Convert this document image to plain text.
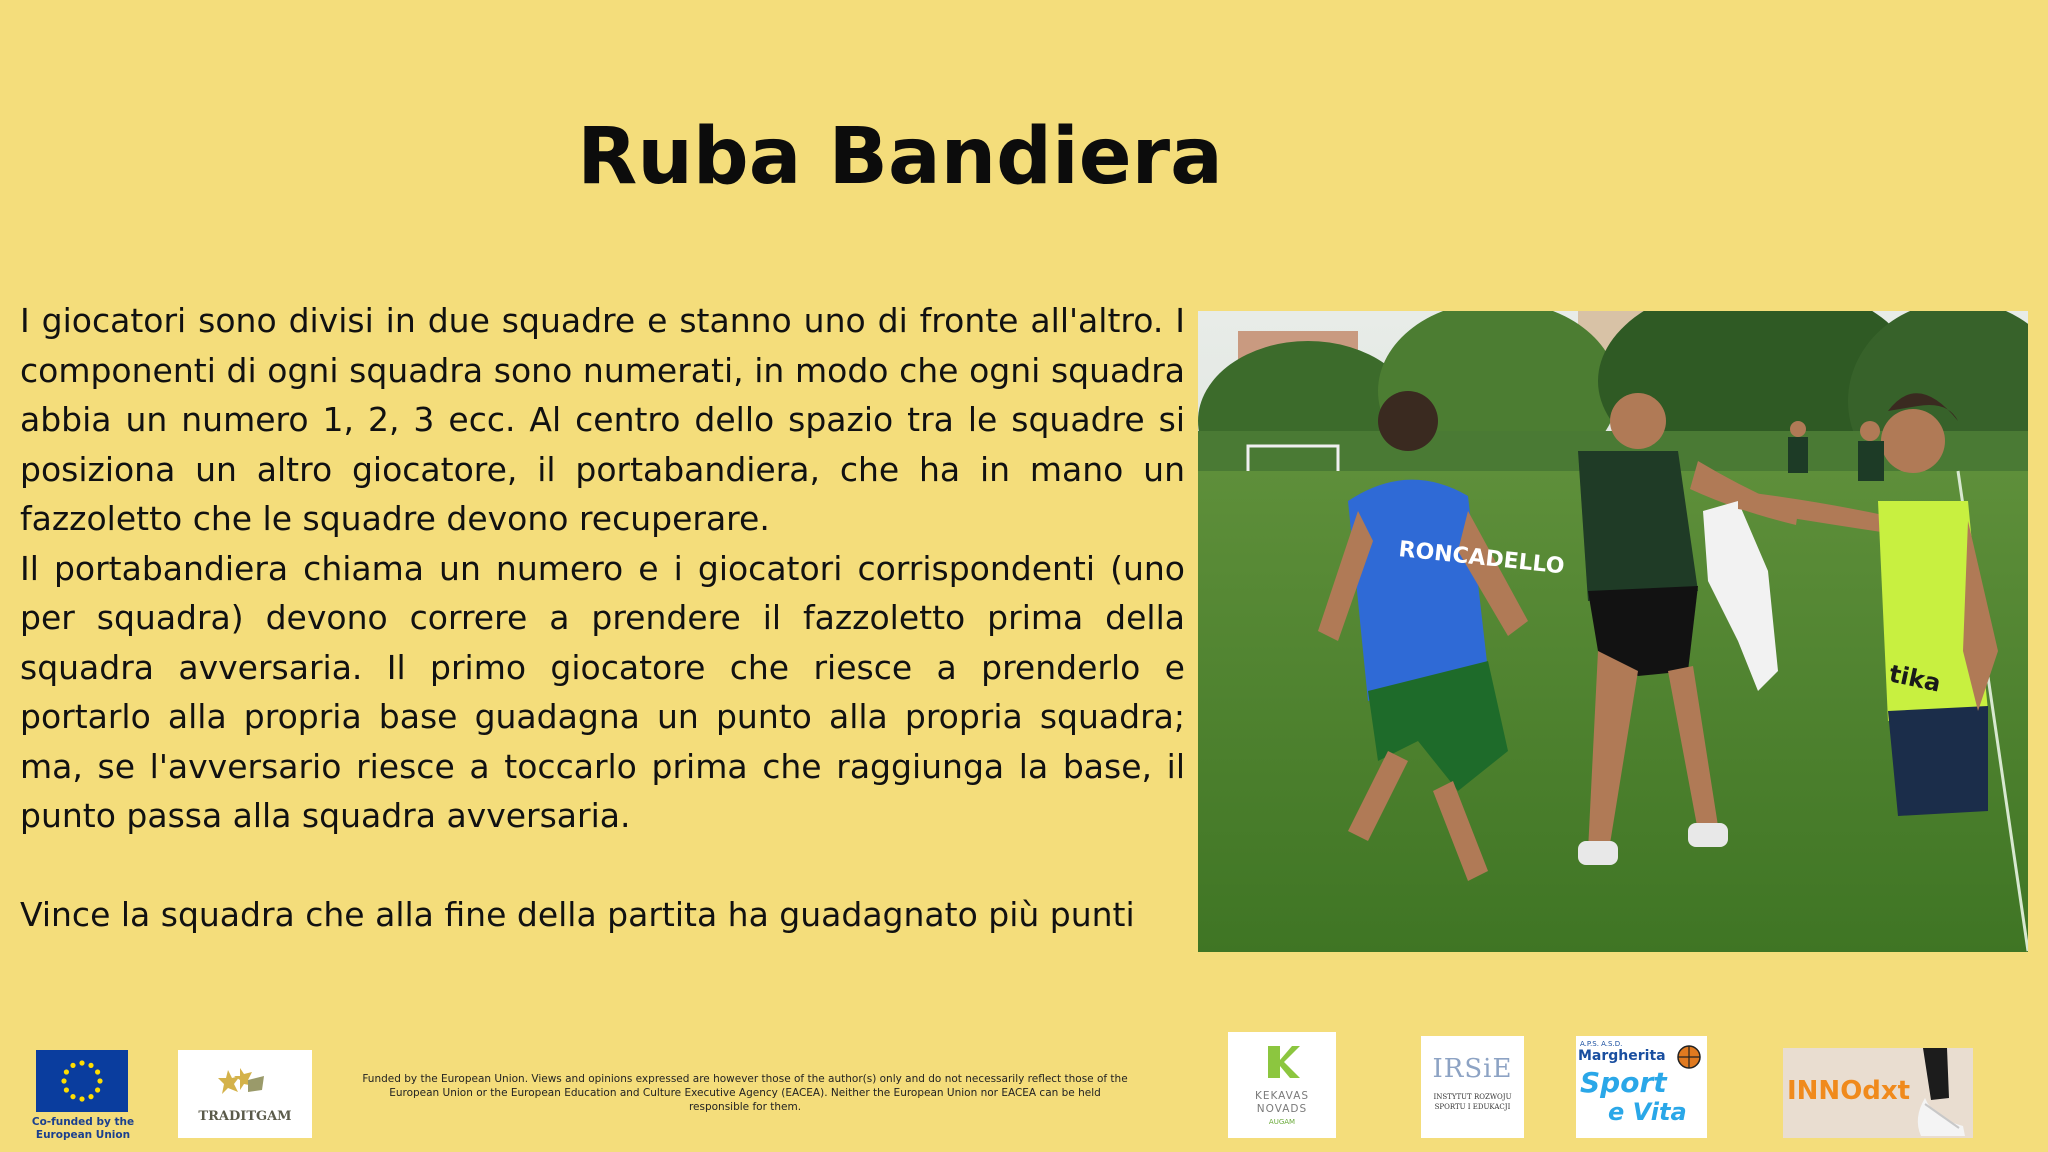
Ruba Bandiera

I giocatori sono divisi in due squadre e stanno uno di fronte all'altro. I componenti di ogni squadra sono numerati, in modo che ogni squadra abbia un numero 1, 2, 3 ecc. Al centro dello spazio tra le squadre si posiziona un altro giocatore, il portabandiera, che ha in mano un fazzoletto che le squadre devono recuperare.

Il portabandiera chiama un numero e i giocatori corrispondenti (uno per squadra) devono correre a prendere il fazzoletto prima della squadra avversaria. Il primo giocatore che riesce a prenderlo e portarlo alla propria base guadagna un punto alla propria squadra; ma, se l'avversario riesce a toccarlo prima che raggiunga la base, il punto passa alla squadra avversaria.

Vince la squadra che alla fine della partita ha guadagnato più punti

RONCADELLO
tika
Co-funded by the European Union
TRADITGAM
Funded by the European Union. Views and opinions expressed are however those of the author(s) only and do not necessarily reflect those of the European Union or the European Education and Culture Executive Agency (EACEA). Neither the European Union nor EACEA can be held responsible for them.
KEKAVAS NOVADS
AUGAM
IRSiE
INSTYTUT ROZWOJU SPORTU I EDUKACJI
A.P.S. A.S.D.
Margherita
Sport
e Vita
INNOdxt
